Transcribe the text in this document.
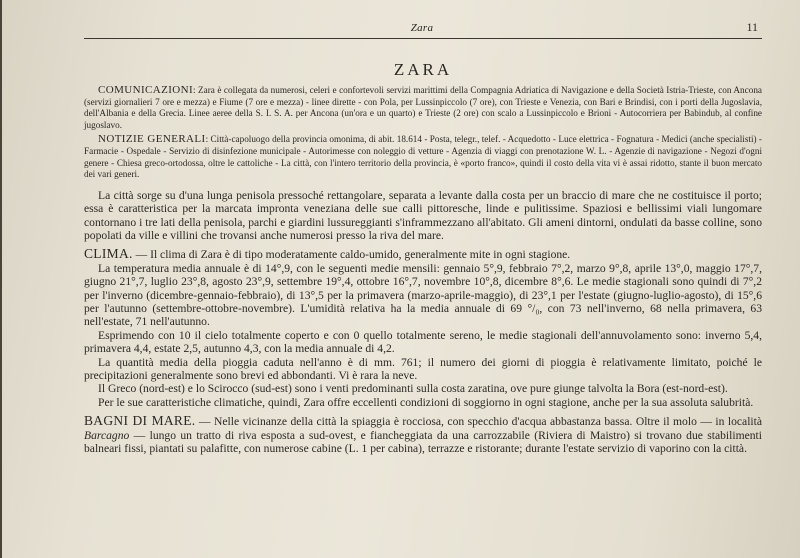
Zara	11
ZARA

COMUNICAZIONI: Zara è collegata da numerosi, celeri e confortevoli servizi marittimi della Compagnia Adriatica di Navigazione e della Società Istria-Trieste, con Ancona (servizi giornalieri 7 ore e mezza) e Fiume (7 ore e mezza) - linee dirette - con Pola, per Lussinpiccolo (7 ore), con Trieste e Venezia, con Bari e Brindisi, con i porti della Jugoslavia, dell'Albania e della Grecia. Linee aeree della S. I. S. A. per Ancona (un'ora e un quarto) e Trieste (2 ore) con scalo a Lussinpiccolo e Brioni - Autocorriera per Babindub, al confine jugoslavo.

NOTIZIE GENERALI: Città-capoluogo della provincia omonima, di abit. 18.614 - Posta, telegr., telef. - Acquedotto - Luce elettrica - Fognatura - Medici (anche specialisti) - Farmacie - Ospedale - Servizio di disinfezione municipale - Autorimesse con noleggio di vetture - Agenzia di viaggi con prenotazione W. L. - Agenzie di navigazione - Negozi d'ogni genere - Chiesa greco-ortodossa, oltre le cattoliche - La città, con l'intero territorio della provincia, è «porto franco», quindi il costo della vita vi è assai ridotto, stante il buon mercato dei vari generi.

La città sorge su d'una lunga penisola pressoché rettangolare, separata a levante dalla costa per un braccio di mare che ne costituisce il porto; essa è caratteristica per la marcata impronta veneziana delle sue calli pittoresche, linde e pulitissime. Spaziosi e bellissimi viali lungomare contornano i tre lati della penisola, parchi e giardini lussureggianti s'inframmezzano all'abitato. Gli ameni dintorni, ondulati da basse colline, sono popolati da ville e villini che trovansi anche numerosi presso la riva del mare.

CLIMA. — Il clima di Zara è di tipo moderatamente caldo-umido, generalmente mite in ogni stagione.

La temperatura media annuale è di 14°,9, con le seguenti medie mensili: gennaio 5°,9, febbraio 7°,2, marzo 9°,8, aprile 13°,0, maggio 17°,7, giugno 21°,7, luglio 23°,8, agosto 23°,9, settembre 19°,4, ottobre 16°,7, novembre 10°,8, dicembre 8°,6. Le medie stagionali sono quindi di 7°,2 per l'inverno (dicembre-gennaio-febbraio), di 13°,5 per la primavera (marzo-aprile-maggio), di 23°,1 per l'estate (giugno-luglio-agosto), di 15°,6 per l'autunno (settembre-ottobre-novembre). L'umidità relativa ha la media annuale di 69 °/₀, con 73 nell'inverno, 68 nella primavera, 63 nell'estate, 71 nell'autunno.

Esprimendo con 10 il cielo totalmente coperto e con 0 quello totalmente sereno, le medie stagionali dell'annuvolamento sono: inverno 5,4, primavera 4,4, estate 2,5, autunno 4,3, con la media annuale di 4,2.

La quantità media della pioggia caduta nell'anno è di mm. 761; il numero dei giorni di pioggia è relativamente limitato, poiché le precipitazioni generalmente sono brevi ed abbondanti. Vi è rara la neve.

Il Greco (nord-est) e lo Scirocco (sud-est) sono i venti predominanti sulla costa zaratina, ove pure giunge talvolta la Bora (est-nord-est).

Per le sue caratteristiche climatiche, quindi, Zara offre eccellenti condizioni di soggiorno in ogni stagione, anche per la sua assoluta salubrità.

BAGNI DI MARE. — Nelle vicinanze della città la spiaggia è rocciosa, con specchio d'acqua abbastanza bassa. Oltre il molo — in località Barcagno — lungo un tratto di riva esposta a sud-ovest, e fiancheggiata da una carrozzabile (Riviera di Maistro) si trovano due stabilimenti balneari fissi, piantati su palafitte, con numerose cabine (L. 1 per cabina), terrazze e ristorante; durante l'estate servizio di vaporino con la città.
